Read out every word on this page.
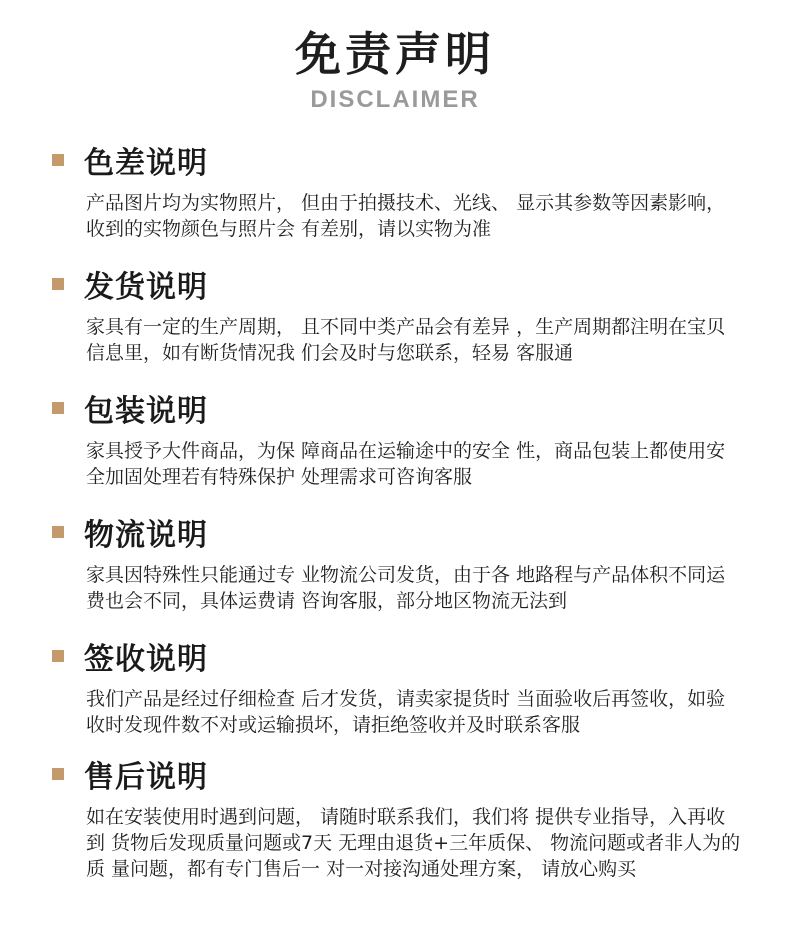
免责声明
DISCLAIMER
色差说明
产品图片均为实物照片， 但由于拍摄技术、光线、 显示其参数等因素影响， 收到的实物颜色与照片会 有差别，请以实物为准
发货说明
家具有一定的生产周期， 且不同中类产品会有差异 ，生产周期都注明在宝贝 信息里，如有断货情况我 们会及时与您联系，轻易 客服通
包装说明
家具授予大件商品，为保 障商品在运输途中的安全 性，商品包装上都使用安 全加固处理若有特殊保护 处理需求可咨询客服
物流说明
家具因特殊性只能通过专 业物流公司发货，由于各 地路程与产品体积不同运 费也会不同，具体运费请 咨询客服，部分地区物流无法到
签收说明
我们产品是经过仔细检查 后才发货，请卖家提货时 当面验收后再签收，如验 收时发现件数不对或运输损坏，请拒绝签收并及时联系客服
售后说明
如在安装使用时遇到问题， 请随时联系我们，我们将 提供专业指导，入再收到 货物后发现质量问题或7天 无理由退货+三年质保、 物流问题或者非人为的质 量问题，都有专门售后一 对一对接沟通处理方案， 请放心购买
